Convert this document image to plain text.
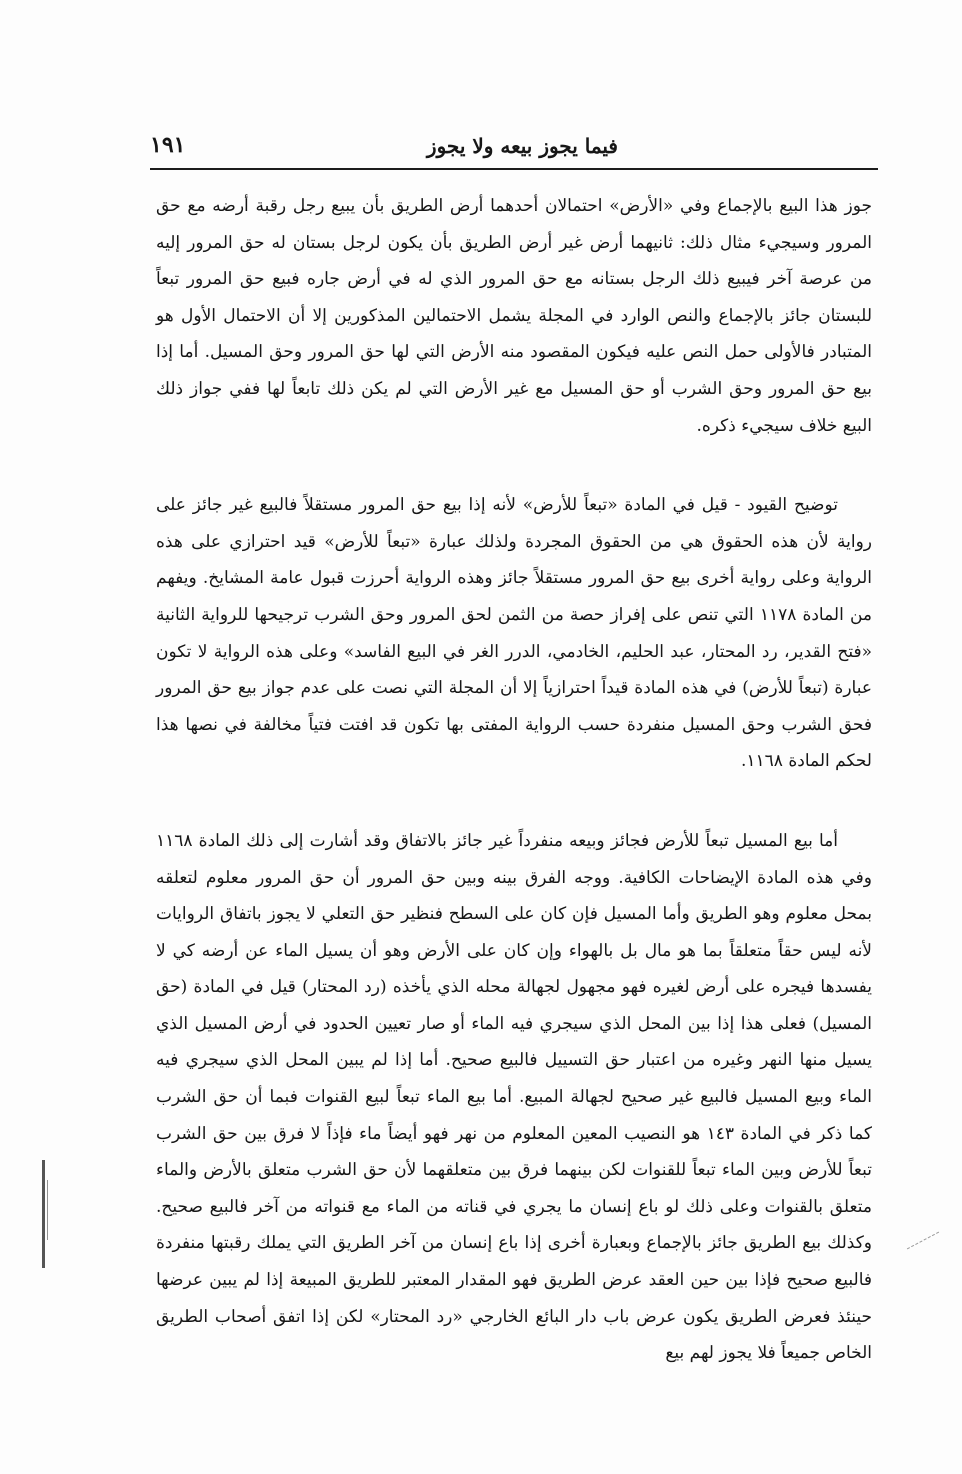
١٩١	فيما يجوز بيعه ولا يجوز

جوز هذا البيع بالإجماع وفي «الأرض» احتمالان أحدهما أرض الطريق بأن يبيع رجل رقبة أرضه مع حق المرور وسيجيء مثال ذلك: ثانيهما أرض غير أرض الطريق بأن يكون لرجل بستان له حق المرور إليه من عرصة آخر فيبيع ذلك الرجل بستانه مع حق المرور الذي له في أرض جاره فبيع حق المرور تبعاً للبستان جائز بالإجماع والنص الوارد في المجلة يشمل الاحتمالين المذكورين إلا أن الاحتمال الأول هو المتبادر فالأولى حمل النص عليه فيكون المقصود منه الأرض التي لها حق المرور وحق المسيل. أما إذا بيع حق المرور وحق الشرب أو حق المسيل مع غير الأرض التي لم يكن ذلك تابعاً لها ففي جواز ذلك البيع خلاف سيجيء ذكره.

توضيح القيود - قيل في المادة «تبعاً للأرض» لأنه إذا بيع حق المرور مستقلاً فالبيع غير جائز على رواية لأن هذه الحقوق هي من الحقوق المجردة ولذلك عبارة «تبعاً للأرض» قيد احترازي على هذه الرواية وعلى رواية أخرى بيع حق المرور مستقلاً جائز وهذه الرواية أحرزت قبول عامة المشايخ. ويفهم من المادة ١١٧٨ التي تنص على إفراز حصة من الثمن لحق المرور وحق الشرب ترجيحها للرواية الثانية «فتح القدير، رد المحتار، عبد الحليم، الخادمي، الدرر الغر في البيع الفاسد» وعلى هذه الرواية لا تكون عبارة (تبعاً للأرض) في هذه المادة قيداً احترازياً إلا أن المجلة التي نصت على عدم جواز بيع حق المرور فحق الشرب وحق المسيل منفردة حسب الرواية المفتى بها تكون قد افتت فتياً مخالفة في نصها هذا لحكم المادة ١١٦٨.

أما بيع المسيل تبعاً للأرض فجائز وبيعه منفرداً غير جائز بالاتفاق وقد أشارت إلى ذلك المادة ١١٦٨ وفي هذه المادة الإيضاحات الكافية. ووجه الفرق بينه وبين حق المرور أن حق المرور معلوم لتعلقه بمحل معلوم وهو الطريق وأما المسيل فإن كان على السطح فنظير حق التعلي لا يجوز باتفاق الروايات لأنه ليس حقاً متعلقاً بما هو مال بل بالهواء وإن كان على الأرض وهو أن يسيل الماء عن أرضه كي لا يفسدها فيجره على أرض لغيره فهو مجهول لجهالة محله الذي يأخذه (رد المحتار) قيل في المادة (حق المسيل) فعلى هذا إذا بين المحل الذي سيجري فيه الماء أو صار تعيين الحدود في أرض المسيل الذي يسيل منها النهر وغيره من اعتبار حق التسييل فالبيع صحيح. أما إذا لم يبين المحل الذي سيجري فيه الماء وبيع المسيل فالبيع غير صحيح لجهالة المبيع. أما بيع الماء تبعاً لبيع القنوات فبما أن حق الشرب كما ذكر في المادة ١٤٣ هو النصيب المعين المعلوم من نهر فهو أيضاً ماء فإذاً لا فرق بين حق الشرب تبعاً للأرض وبين الماء تبعاً للقنوات لكن بينهما فرق بين متعلقهما لأن حق الشرب متعلق بالأرض والماء متعلق بالقنوات وعلى ذلك لو باع إنسان ما يجري في قناته من الماء مع قنواته من آخر فالبيع صحيح. وكذلك بيع الطريق جائز بالإجماع وبعبارة أخرى إذا باع إنسان من آخر الطريق التي يملك رقبتها منفردة فالبيع صحيح فإذا بين حين العقد عرض الطريق فهو المقدار المعتبر للطريق المبيعة إذا لم يبين عرضها حينئذ فعرض الطريق يكون عرض باب دار البائع الخارجي «رد المحتار» لكن إذا اتفق أصحاب الطريق الخاص جميعاً فلا يجوز لهم بيع
